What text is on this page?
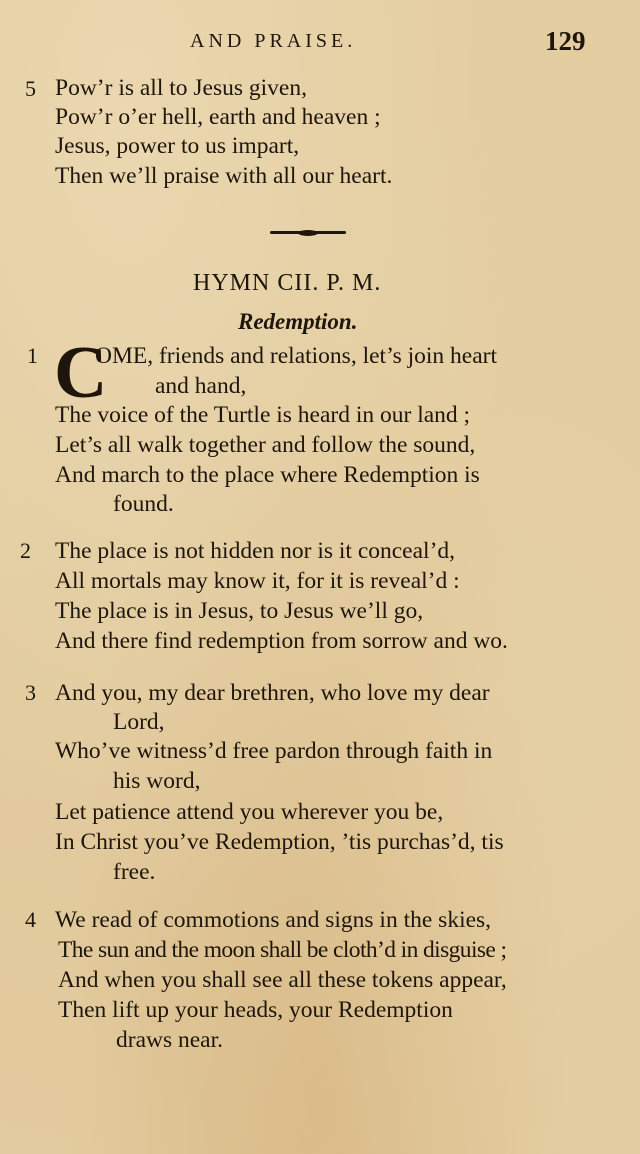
AND PRAISE.	129
5 Pow’r is all to Jesus given,
Pow’r o’er hell, earth and heaven ;
Jesus, power to us impart,
Then we’ll praise with all our heart.
HYMN CII. P. M.
Redemption.
1 C
OME, friends and relations, let’s join heart
and hand,
The voice of the Turtle is heard in our land ;
Let’s all walk together and follow the sound,
And march to the place where Redemption is
found.
2 The place is not hidden nor is it conceal’d,
All mortals may know it, for it is reveal’d :
The place is in Jesus, to Jesus we’ll go,
And there find redemption from sorrow and wo.
3 And you, my dear brethren, who love my dear
Lord,
Who’ve witness’d free pardon through faith in
his word,
Let patience attend you wherever you be,
In Christ you’ve Redemption, ’tis purchas’d, tis
free.
4 We read of commotions and signs in the skies,
The sun and the moon shall be cloth’d in disguise ;
And when you shall see all these tokens appear,
Then lift up your heads, your Redemption
draws near.
